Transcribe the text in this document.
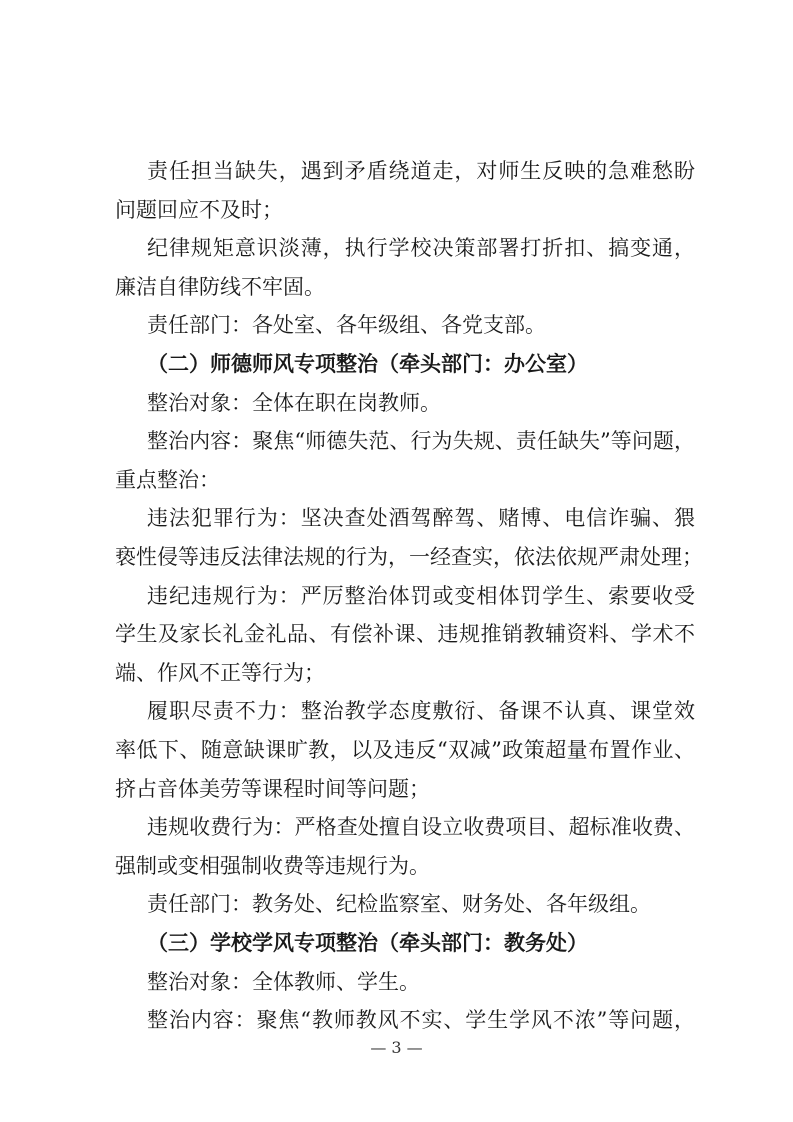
责任担当缺失，遇到矛盾绕道走，对师生反映的急难愁盼
问题回应不及时；
纪律规矩意识淡薄，执行学校决策部署打折扣、搞变通，
廉洁自律防线不牢固。
责任部门：各处室、各年级组、各党支部。
（二）师德师风专项整治（牵头部门：办公室）
整治对象：全体在职在岗教师。
整治内容：聚焦“师德失范、行为失规、责任缺失”等问题，
重点整治：
违法犯罪行为：坚决查处酒驾醉驾、赌博、电信诈骗、猥
亵性侵等违反法律法规的行为，一经查实，依法依规严肃处理；
违纪违规行为：严厉整治体罚或变相体罚学生、索要收受
学生及家长礼金礼品、有偿补课、违规推销教辅资料、学术不
端、作风不正等行为；
履职尽责不力：整治教学态度敷衍、备课不认真、课堂效
率低下、随意缺课旷教，以及违反“双减”政策超量布置作业、
挤占音体美劳等课程时间等问题；
违规收费行为：严格查处擅自设立收费项目、超标准收费、
强制或变相强制收费等违规行为。
责任部门：教务处、纪检监察室、财务处、各年级组。
（三）学校学风专项整治（牵头部门：教务处）
整治对象：全体教师、学生。
整治内容：聚焦“教师教风不实、学生学风不浓”等问题，
— 3 —
